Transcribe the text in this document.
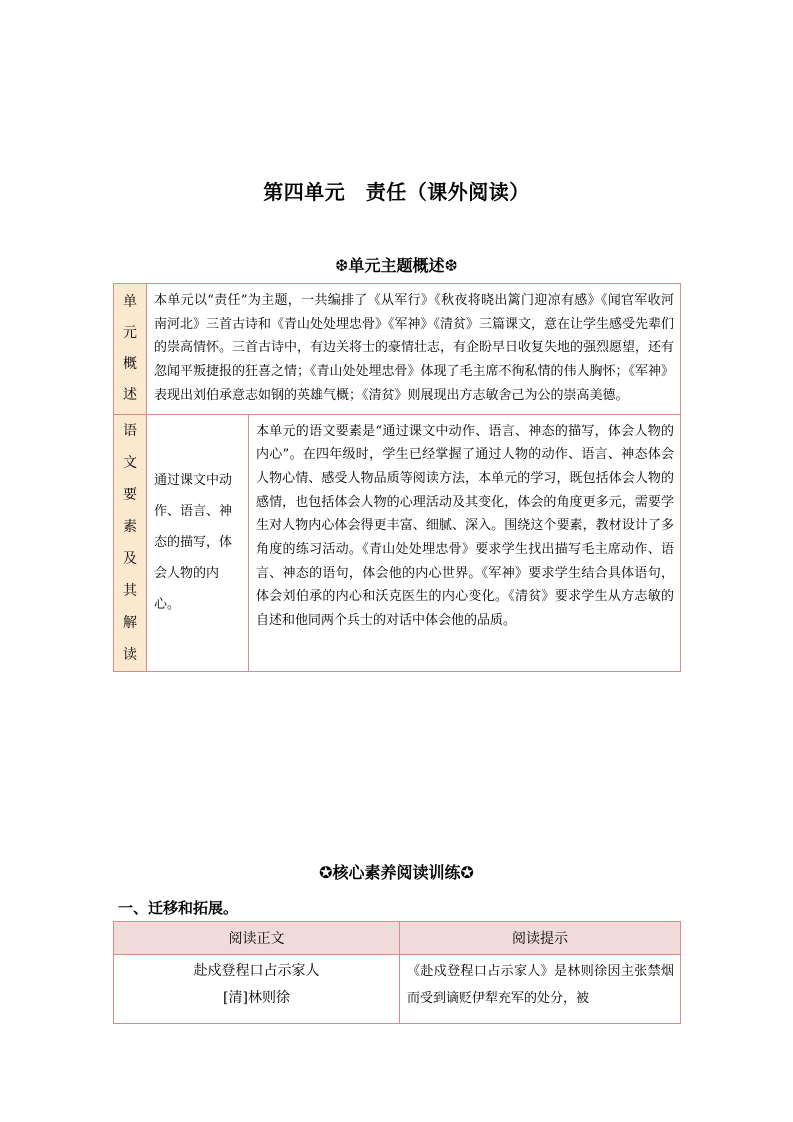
第四单元　责任（课外阅读）
❆单元主题概述❆
单元概述	本单元以“责任”为主题，一共编排了《从军行》《秋夜将晓出篱门迎凉有感》《闻官军收河南河北》三首古诗和《青山处处埋忠骨》《军神》《清贫》三篇课文，意在让学生感受先辈们的崇高情怀。三首古诗中，有边关将士的豪情壮志，有企盼早日收复失地的强烈愿望，还有忽闻平叛捷报的狂喜之情；《青山处处埋忠骨》体现了毛主席不徇私情的伟人胸怀；《军神》表现出刘伯承意志如钢的英雄气概；《清贫》则展现出方志敏舍己为公的崇高美德。	
语文要素及其解读	通过课文中动作、语言、神态的描写，体会人物的内心。	本单元的语文要素是“通过课文中动作、语言、神态的描写，体会人物的内心”。在四年级时，学生已经掌握了通过人物的动作、语言、神态体会人物心情、感受人物品质等阅读方法，本单元的学习，既包括体会人物的感情，也包括体会人物的心理活动及其变化，体会的角度更多元，需要学生对人物内心体会得更丰富、细腻、深入。围绕这个要素，教材设计了多角度的练习活动。《青山处处埋忠骨》要求学生找出描写毛主席动作、语言、神态的语句，体会他的内心世界。《军神》要求学生结合具体语句，体会刘伯承的内心和沃克医生的内心变化。《清贫》要求学生从方志敏的自述和他同两个兵士的对话中体会他的品质。
✪核心素养阅读训练✪
一、迁移和拓展。
阅读正文	阅读提示

赴戍登程口占示家人
[清]林则徐	《赴戍登程口占示家人》是林则徐因主张禁烟而受到谪贬伊犁充军的处分，被
